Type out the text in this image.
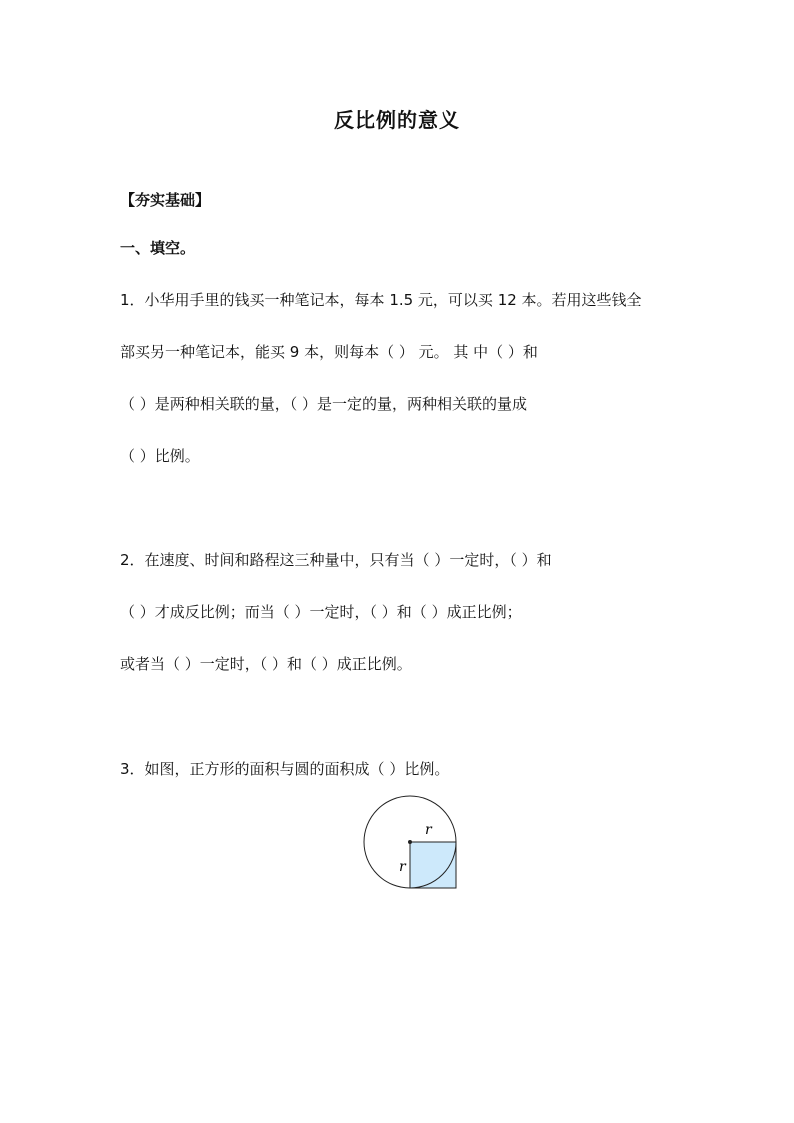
反比例的意义
【夯实基础】
一、填空。
1．小华用手里的钱买一种笔记本，每本 1.5 元，可以买 12 本。若用这些钱全
部买另一种笔记本，能买 9 本，则每本（ ） 元。 其 中（ ）和
（ ）是两种相关联的量，（ ）是一定的量，两种相关联的量成
（ ）比例。
2．在速度、时间和路程这三种量中，只有当（ ）一定时，（ ）和
（ ）才成反比例；而当（ ）一定时，（ ）和（ ）成正比例；
或者当（ ）一定时，（ ）和（ ）成正比例。
3．如图，正方形的面积与圆的面积成（ ）比例。
r
r
